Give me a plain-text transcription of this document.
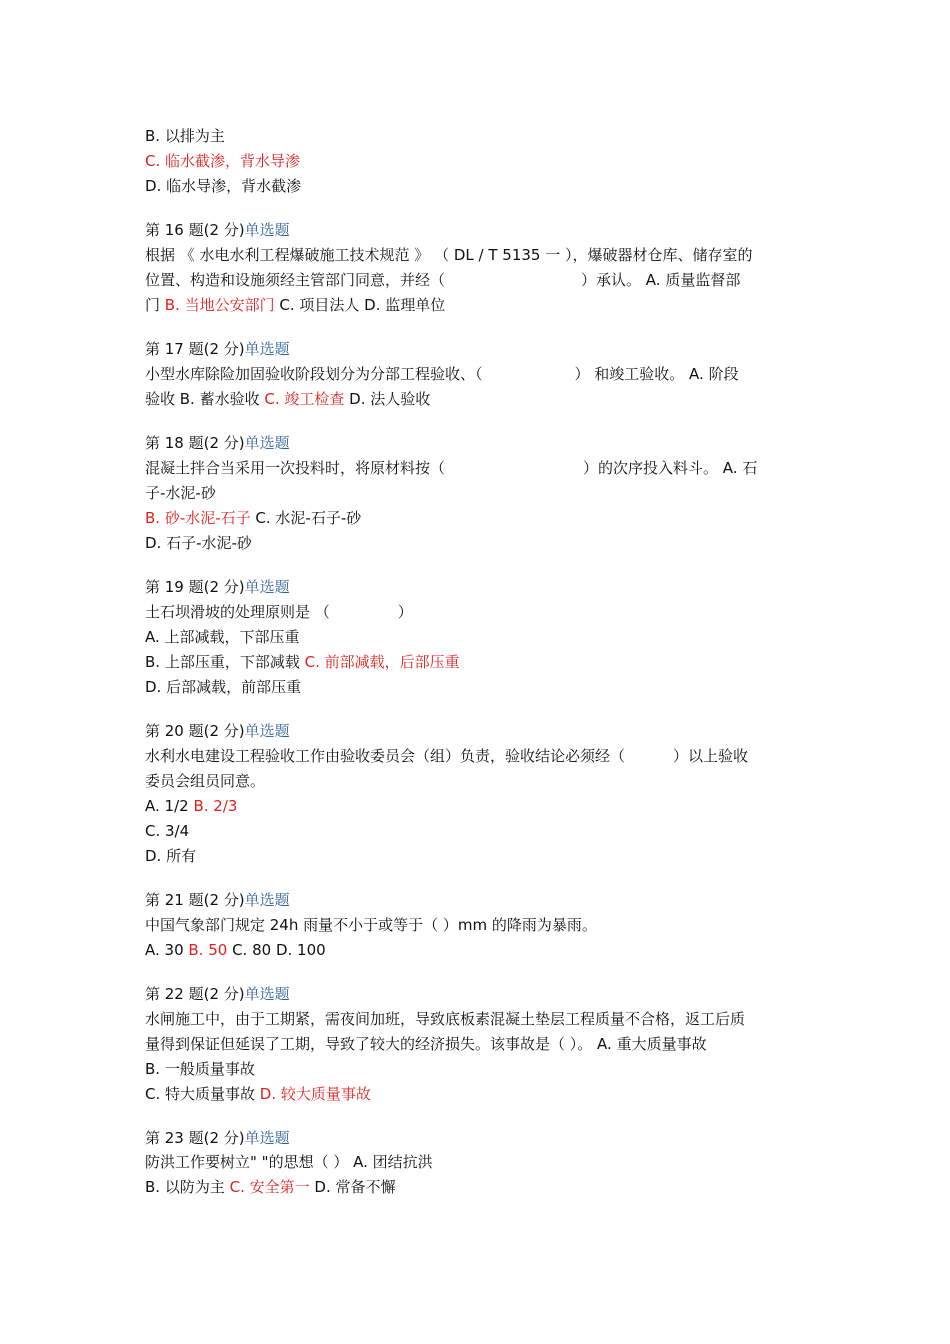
B. 以排为主
C. 临水截渗，背水导渗
D. 临水导渗，背水截渗
第 16 题(2 分)单选题
根据 《 水电水利工程爆破施工技术规范 》 （ DL / T 5135 一 ），爆破器材仓库、储存室的
位置、构造和设施须经主管部门同意，并经（	）承认。 A. 质量监督部
门 B. 当地公安部门 C. 项目法人 D. 监理单位
第 17 题(2 分)单选题
小型水库除险加固验收阶段划分为分部工程验收、（	） 和竣工验收。 A. 阶段
验收 B. 蓄水验收 C. 竣工检查 D. 法人验收
第 18 题(2 分)单选题
混凝土拌合当采用一次投料时，将原材料按（	）的次序投入料斗。 A. 石
子-水泥-砂
B. 砂-水泥-石子 C. 水泥-石子-砂
D. 石子-水泥-砂
第 19 题(2 分)单选题
土石坝滑坡的处理原则是 （	）
A. 上部减载，下部压重
B. 上部压重，下部减载 C. 前部减载，后部压重
D. 后部减载，前部压重
第 20 题(2 分)单选题
水利水电建设工程验收工作由验收委员会（组）负责，验收结论必须经（	）以上验收
委员会组员同意。
A. 1/2 B. 2/3
C. 3/4
D. 所有
第 21 题(2 分)单选题
中国气象部门规定 24h 雨量不小于或等于（ ）mm 的降雨为暴雨。
A. 30 B. 50 C. 80 D. 100
第 22 题(2 分)单选题
水闸施工中，由于工期紧，需夜间加班，导致底板素混凝土垫层工程质量不合格，返工后质
量得到保证但延误了工期，导致了较大的经济损失。该事故是（ ）。 A. 重大质量事故
B. 一般质量事故
C. 特大质量事故 D. 较大质量事故
第 23 题(2 分)单选题
防洪工作要树立" "的思想（ ） A. 团结抗洪
B. 以防为主 C. 安全第一 D. 常备不懈
